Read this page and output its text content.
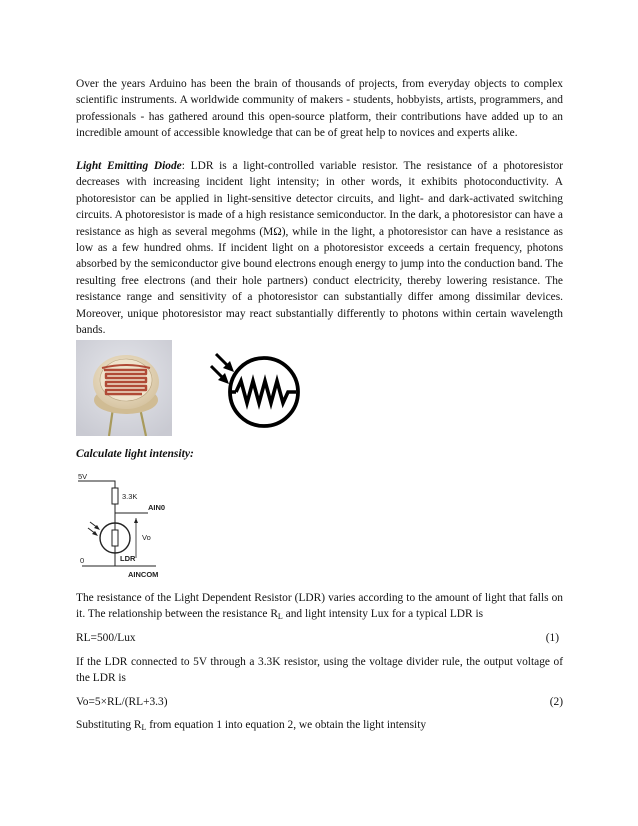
Over the years Arduino has been the brain of thousands of projects, from everyday objects to complex scientific instruments. A worldwide community of makers - students, hobbyists, artists, programmers, and professionals - has gathered around this open-source platform, their contributions have added up to an incredible amount of accessible knowledge that can be of great help to novices and experts alike.

Light Emitting Diode: LDR is a light-controlled variable resistor. The resistance of a photoresistor decreases with increasing incident light intensity; in other words, it exhibits photoconductivity. A photoresistor can be applied in light-sensitive detector circuits, and light- and dark-activated switching circuits. A photoresistor is made of a high resistance semiconductor. In the dark, a photoresistor can have a resistance as high as several megohms (MΩ), while in the light, a photoresistor can have a resistance as low as a few hundred ohms. If incident light on a photoresistor exceeds a certain frequency, photons absorbed by the semiconductor give bound electrons enough energy to jump into the conduction band. The resulting free electrons (and their hole partners) conduct electricity, thereby lowering resistance. The resistance range and sensitivity of a photoresistor can substantially differ among dissimilar devices. Moreover, unique photoresistor may react substantially differently to photons within certain wavelength bands.

Calculate light intensity:

5V
3.3K
AIN0
Vo
0	LDR
AINCOM

The resistance of the Light Dependent Resistor (LDR) varies according to the amount of light that falls on it. The relationship between the resistance $R_L$ and light intensity Lux for a typical LDR is

RL=500/Lux	(1)

If the LDR connected to 5V through a 3.3K resistor, using the voltage divider rule, the output voltage of the LDR is

Vo=5×RL/(RL+3.3)	(2)

Substituting $R_L$ from equation 1 into equation 2, we obtain the light intensity
